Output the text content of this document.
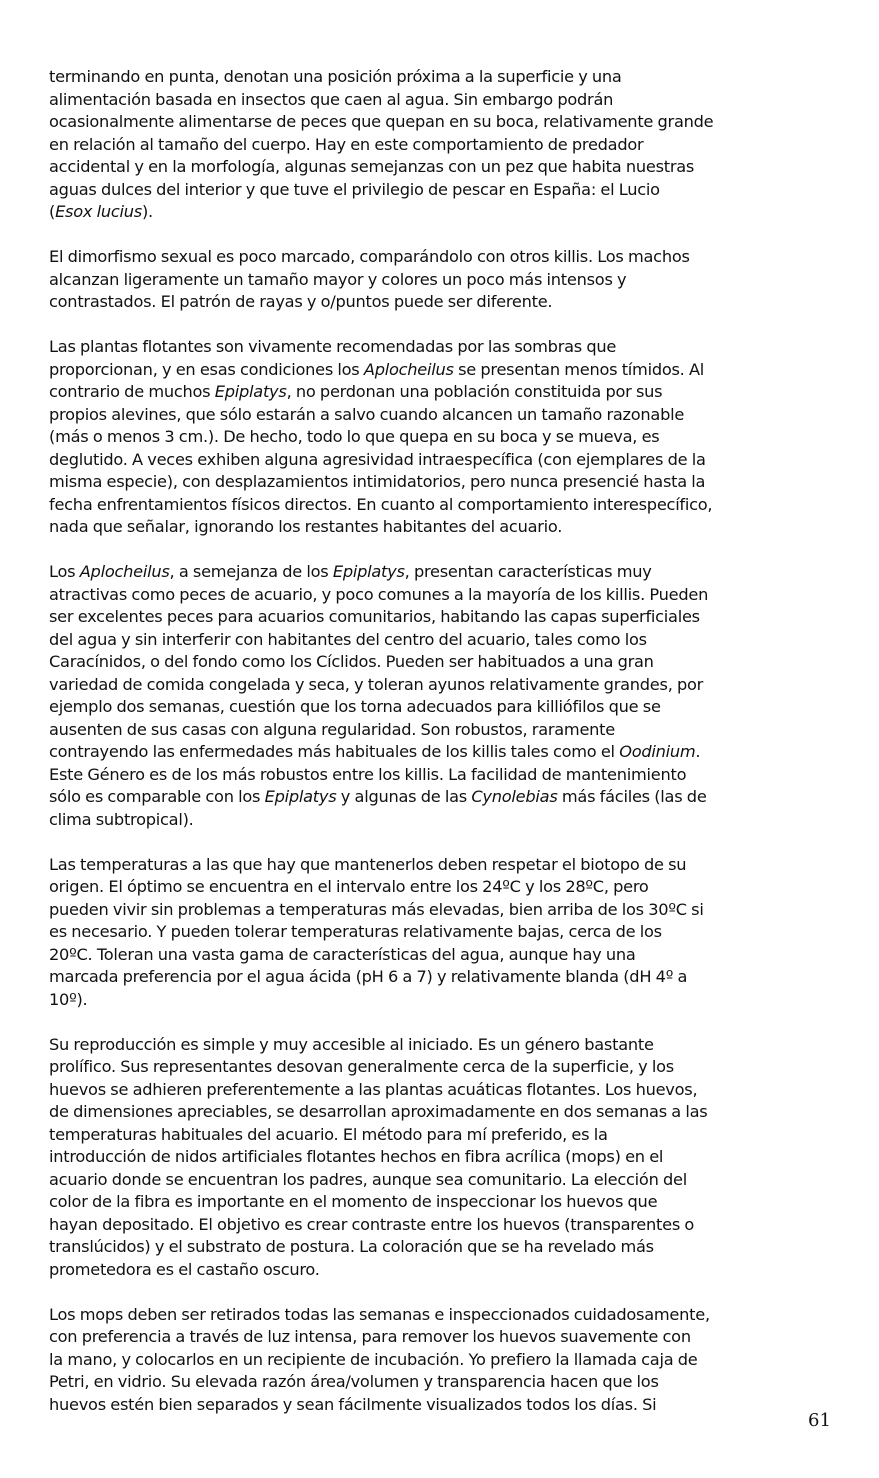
terminando en punta, denotan una posición próxima a la superficie y una
alimentación basada en insectos que caen al agua. Sin embargo podrán
ocasionalmente alimentarse de peces que quepan en su boca, relativamente grande
en relación al tamaño del cuerpo. Hay en este comportamiento de predador
accidental y en la morfología, algunas semejanzas con un pez que habita nuestras
aguas dulces del interior y que tuve el privilegio de pescar en España: el Lucio
(Esox lucius).
El dimorfismo sexual es poco marcado, comparándolo con otros killis. Los machos
alcanzan ligeramente un tamaño mayor y colores un poco más intensos y
contrastados. El patrón de rayas y o/puntos puede ser diferente.
Las plantas flotantes son vivamente recomendadas por las sombras que
proporcionan, y en esas condiciones los Aplocheilus se presentan menos tímidos. Al
contrario de muchos Epiplatys, no perdonan una población constituida por sus
propios alevines, que sólo estarán a salvo cuando alcancen un tamaño razonable
(más o menos 3 cm.). De hecho, todo lo que quepa en su boca y se mueva, es
deglutido. A veces exhiben alguna agresividad intraespecífica (con ejemplares de la
misma especie), con desplazamientos intimidatorios, pero nunca presencié hasta la
fecha enfrentamientos físicos directos. En cuanto al comportamiento interespecífico,
nada que señalar, ignorando los restantes habitantes del acuario.
Los Aplocheilus, a semejanza de los Epiplatys, presentan características muy
atractivas como peces de acuario, y poco comunes a la mayoría de los killis. Pueden
ser excelentes peces para acuarios comunitarios, habitando las capas superficiales
del agua y sin interferir con habitantes del centro del acuario, tales como los
Caracínidos, o del fondo como los Cíclidos. Pueden ser habituados a una gran
variedad de comida congelada y seca, y toleran ayunos relativamente grandes, por
ejemplo dos semanas, cuestión que los torna adecuados para killiófilos que se
ausenten de sus casas con alguna regularidad. Son robustos, raramente
contrayendo las enfermedades más habituales de los killis tales como el Oodinium.
Este Género es de los más robustos entre los killis. La facilidad de mantenimiento
sólo es comparable con los Epiplatys y algunas de las Cynolebias más fáciles (las de
clima subtropical).
Las temperaturas a las que hay que mantenerlos deben respetar el biotopo de su
origen. El óptimo se encuentra en el intervalo entre los 24ºC y los 28ºC, pero
pueden vivir sin problemas a temperaturas más elevadas, bien arriba de los 30ºC si
es necesario. Y pueden tolerar temperaturas relativamente bajas, cerca de los
20ºC. Toleran una vasta gama de características del agua, aunque hay una
marcada preferencia por el agua ácida (pH 6 a 7) y relativamente blanda (dH 4º a
10º).
Su reproducción es simple y muy accesible al iniciado. Es un género bastante
prolífico. Sus representantes desovan generalmente cerca de la superficie, y los
huevos se adhieren preferentemente a las plantas acuáticas flotantes. Los huevos,
de dimensiones apreciables, se desarrollan aproximadamente en dos semanas a las
temperaturas habituales del acuario. El método para mí preferido, es la
introducción de nidos artificiales flotantes hechos en fibra acrílica (mops) en el
acuario donde se encuentran los padres, aunque sea comunitario. La elección del
color de la fibra es importante en el momento de inspeccionar los huevos que
hayan depositado. El objetivo es crear contraste entre los huevos (transparentes o
translúcidos) y el substrato de postura. La coloración que se ha revelado más
prometedora es el castaño oscuro.
Los mops deben ser retirados todas las semanas e inspeccionados cuidadosamente,
con preferencia a través de luz intensa, para remover los huevos suavemente con
la mano, y colocarlos en un recipiente de incubación. Yo prefiero la llamada caja de
Petri, en vidrio. Su elevada razón área/volumen y transparencia hacen que los
huevos estén bien separados y sean fácilmente visualizados todos los días. Si
61
